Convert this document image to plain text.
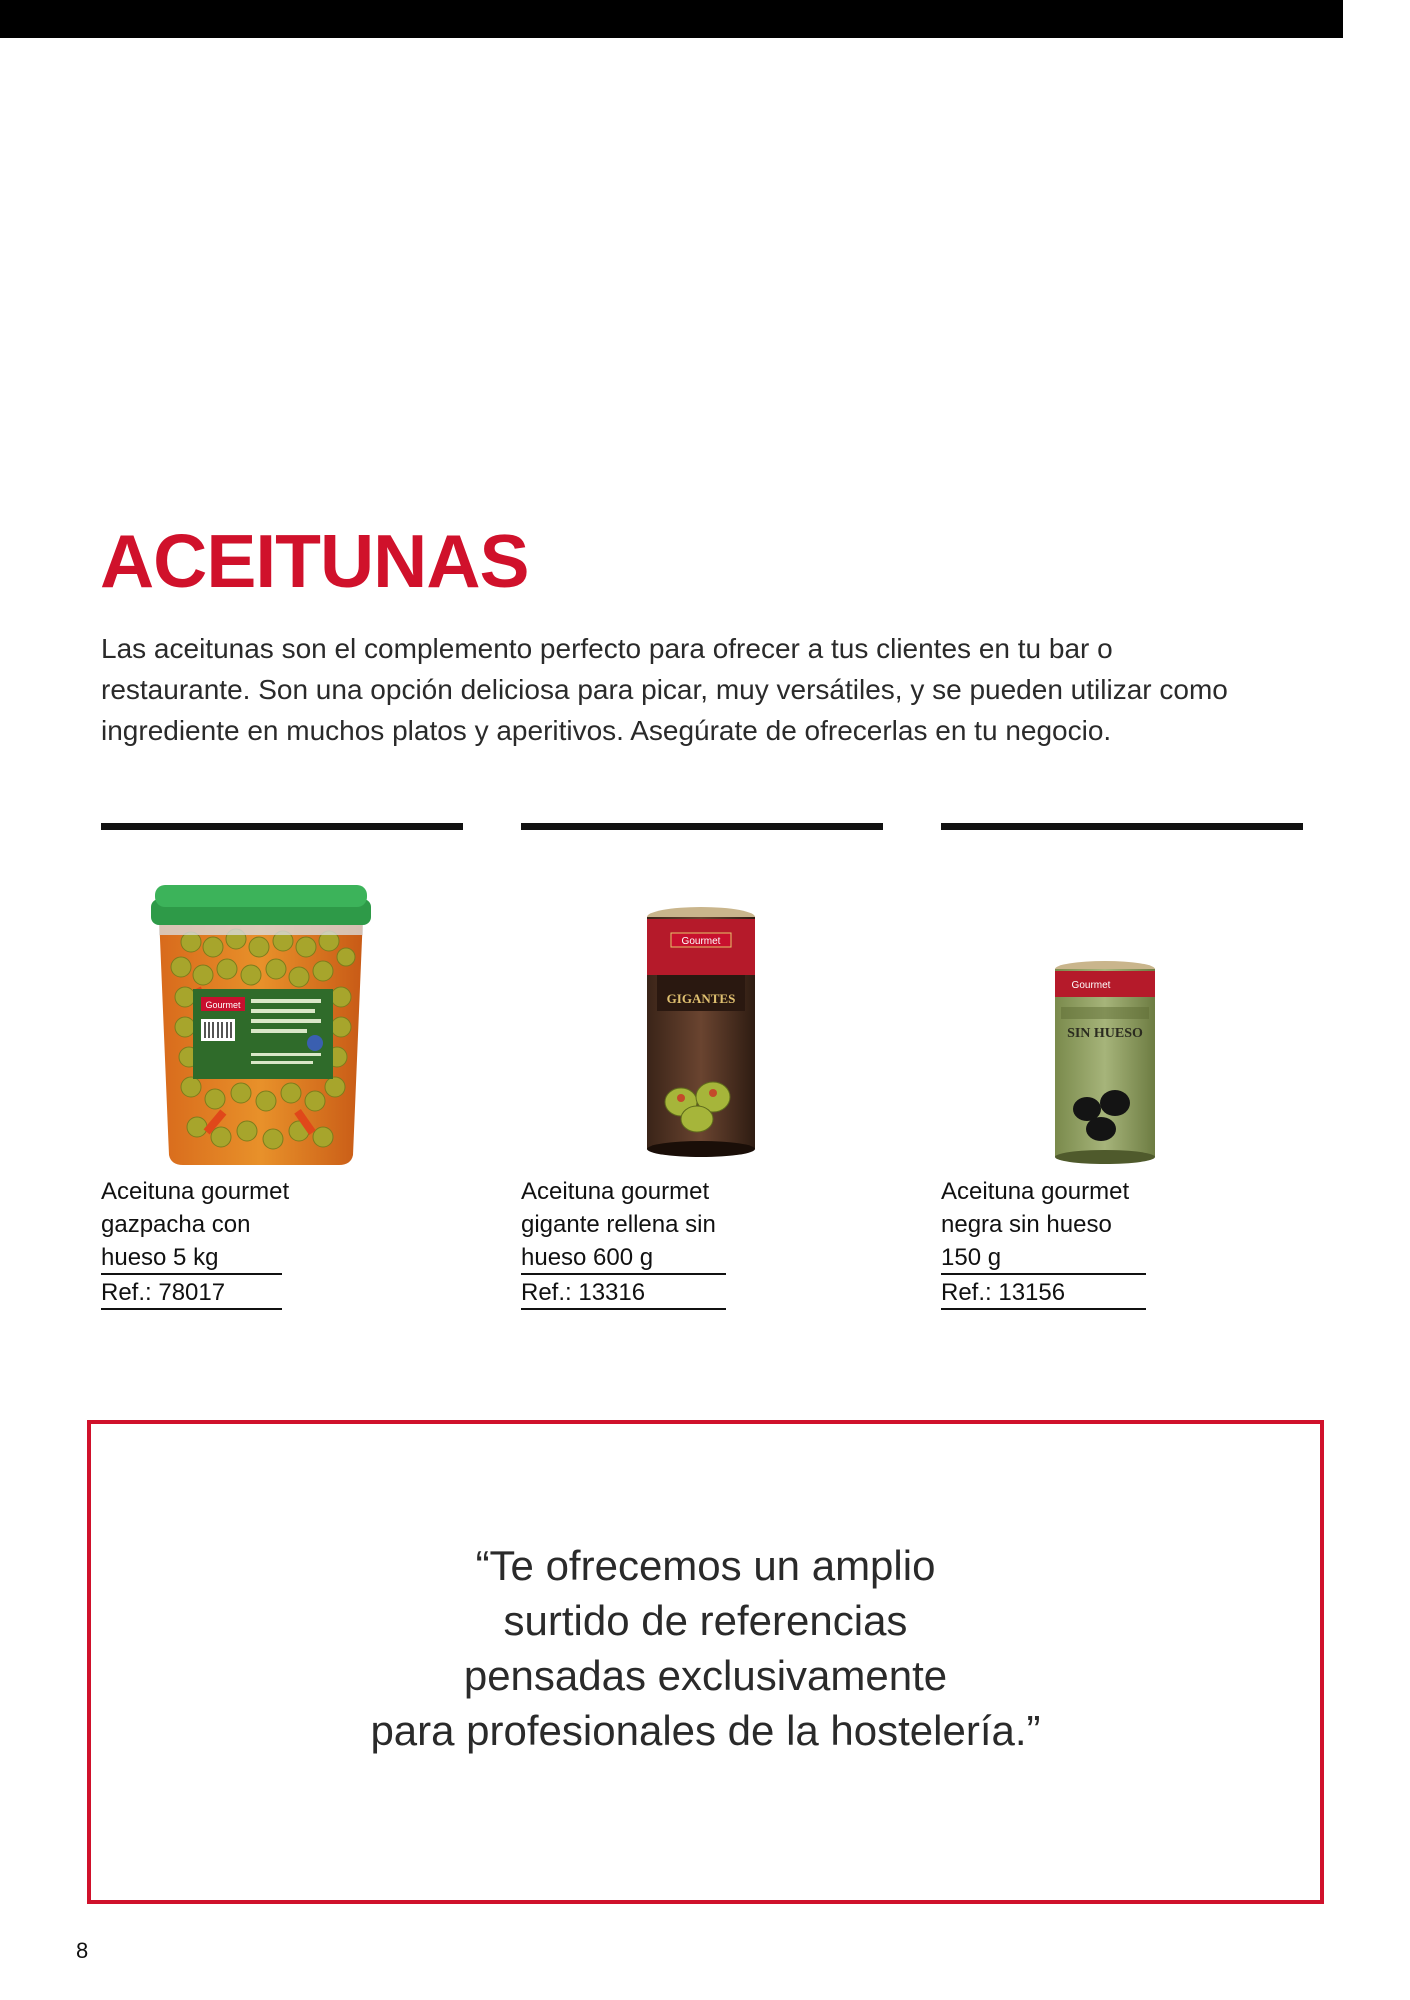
ACEITUNAS
Las aceitunas son el complemento perfecto para ofrecer a tus clientes en tu bar o
restaurante. Son una opción deliciosa para picar, muy versátiles, y se pueden utilizar como
ingrediente en muchos platos y aperitivos. Asegúrate de ofrecerlas en tu negocio.
Gourmet
Aceituna gourmet
gazpacha con
hueso 5 kg
Ref.: 78017
Gourmet
GIGANTES
Aceituna gourmet
gigante rellena sin
hueso 600 g
Ref.: 13316
Gourmet
SIN HUESO
Aceituna gourmet
negra sin hueso
150 g
Ref.: 13156
“Te ofrecemos un amplio
surtido de referencias
pensadas exclusivamente
para profesionales de la hostelería.”
8
